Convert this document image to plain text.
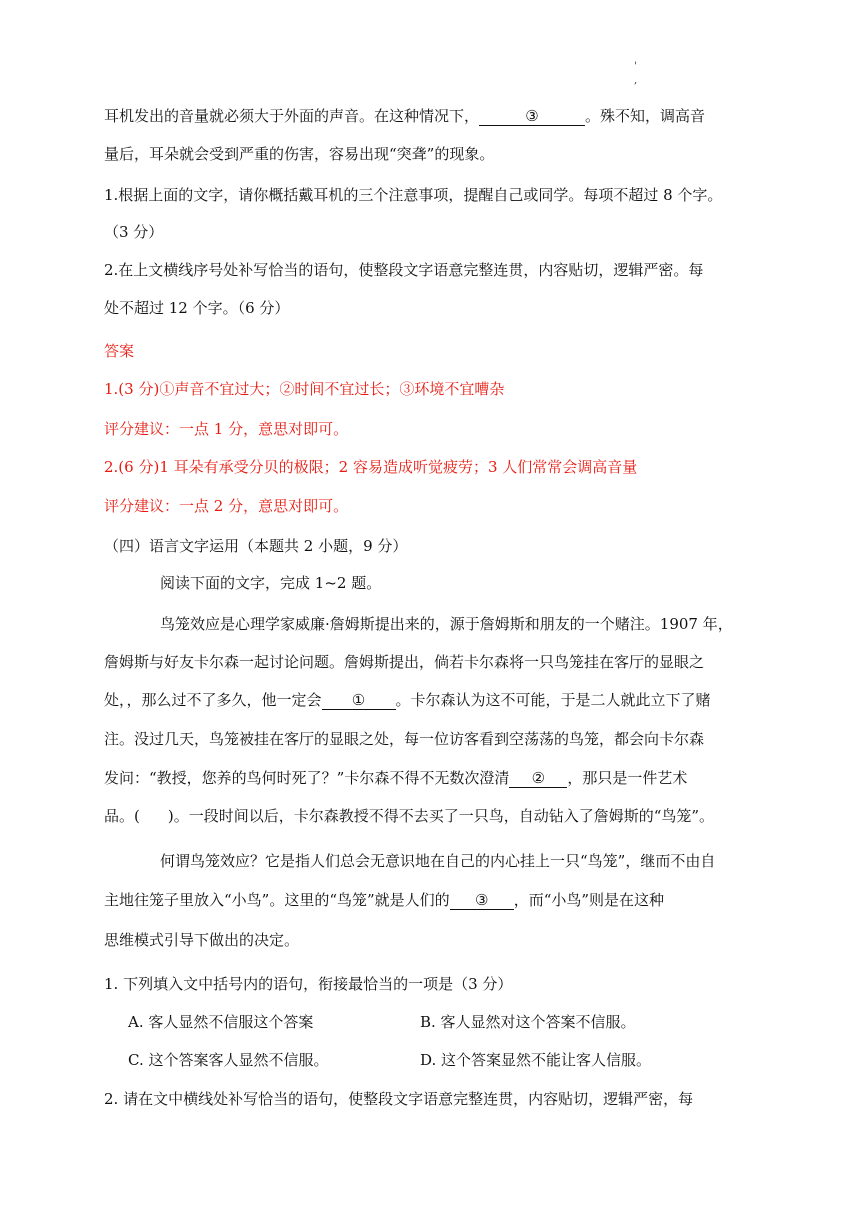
'
,
耳机发出的音量就必须大于外面的声音。在这种情况下，	③	。殊不知，调高音
量后，耳朵就会受到严重的伤害，容易出现“突聋”的现象。
1.根据上面的文字，请你概括戴耳机的三个注意事项，提醒自己或同学。每项不超过 8 个字。
（3 分）
2.在上文横线序号处补写恰当的语句，使整段文字语意完整连贯，内容贴切，逻辑严密。每
处不超过 12 个字。（6 分）
答案
1.(3 分)①声音不宜过大；②时间不宜过长；③环境不宜嘈杂
评分建议：一点 1 分，意思对即可。
2.(6 分)1 耳朵有承受分贝的极限；2 容易造成听觉疲劳；3 人们常常会调高音量
评分建议：一点 2 分，意思对即可。
（四）语言文字运用（本题共 2 小题，9 分）
阅读下面的文字，完成 1~2 题。
鸟笼效应是心理学家威廉·詹姆斯提出来的，源于詹姆斯和朋友的一个赌注。1907 年，
詹姆斯与好友卡尔森一起讨论问题。詹姆斯提出，倘若卡尔森将一只鸟笼挂在客厅的显眼之
处，，那么过不了多久，他一定会 ① 。卡尔森认为这不可能，于是二人就此立下了赌
注。没过几天，鸟笼被挂在客厅的显眼之处，每一位访客看到空荡荡的鸟笼，都会向卡尔森
发问：“教授，您养的鸟何时死了？”卡尔森不得不无数次澄清 ② ，那只是一件艺术
品。( )。一段时间以后，卡尔森教授不得不去买了一只鸟，自动钻入了詹姆斯的“鸟笼”。
何谓鸟笼效应？它是指人们总会无意识地在自己的内心挂上一只“鸟笼”，继而不由自
主地往笼子里放入“小鸟”。这里的“鸟笼”就是人们的 ③ ，而“小鸟”则是在这种
思维模式引导下做出的决定。
1. 下列填入文中括号内的语句，衔接最恰当的一项是（3 分）
A. 客人显然不信服这个答案	B. 客人显然对这个答案不信服。
C. 这个答案客人显然不信服。	D. 这个答案显然不能让客人信服。
2. 请在文中横线处补写恰当的语句，使整段文字语意完整连贯，内容贴切，逻辑严密，每
